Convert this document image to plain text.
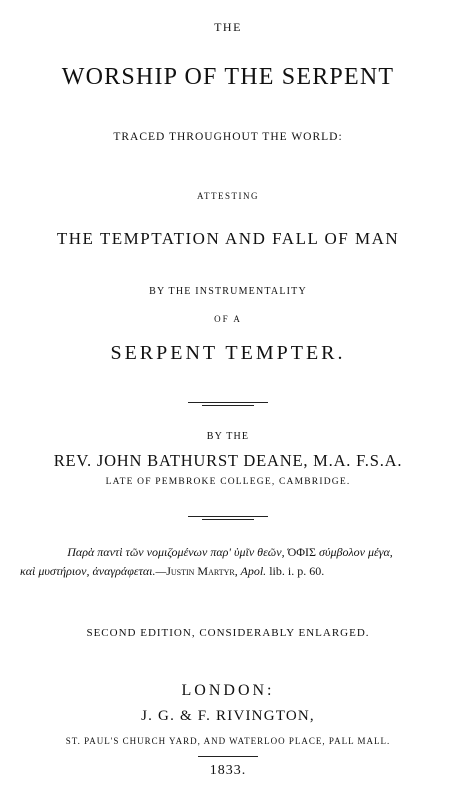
THE
WORSHIP OF THE SERPENT
TRACED THROUGHOUT THE WORLD:
ATTESTING
THE TEMPTATION AND FALL OF MAN
BY THE INSTRUMENTALITY
OF A
SERPENT TEMPTER.
BY THE
REV. JOHN BATHURST DEANE, M.A. F.S.A.
LATE OF PEMBROKE COLLEGE, CAMBRIDGE.
Παρὰ παντὶ τῶν νομιζομένων παρ' ὑμῖν θεῶν, ΌΦΙΣ σύμβολον μέγα,
καὶ μυστήριον, ἀναγράφεται.—Justin Martyr, Apol. lib. i. p. 60.
SECOND EDITION, CONSIDERABLY ENLARGED.
LONDON:
J. G. & F. RIVINGTON,
ST. PAUL'S CHURCH YARD, AND WATERLOO PLACE, PALL MALL.
1833.
